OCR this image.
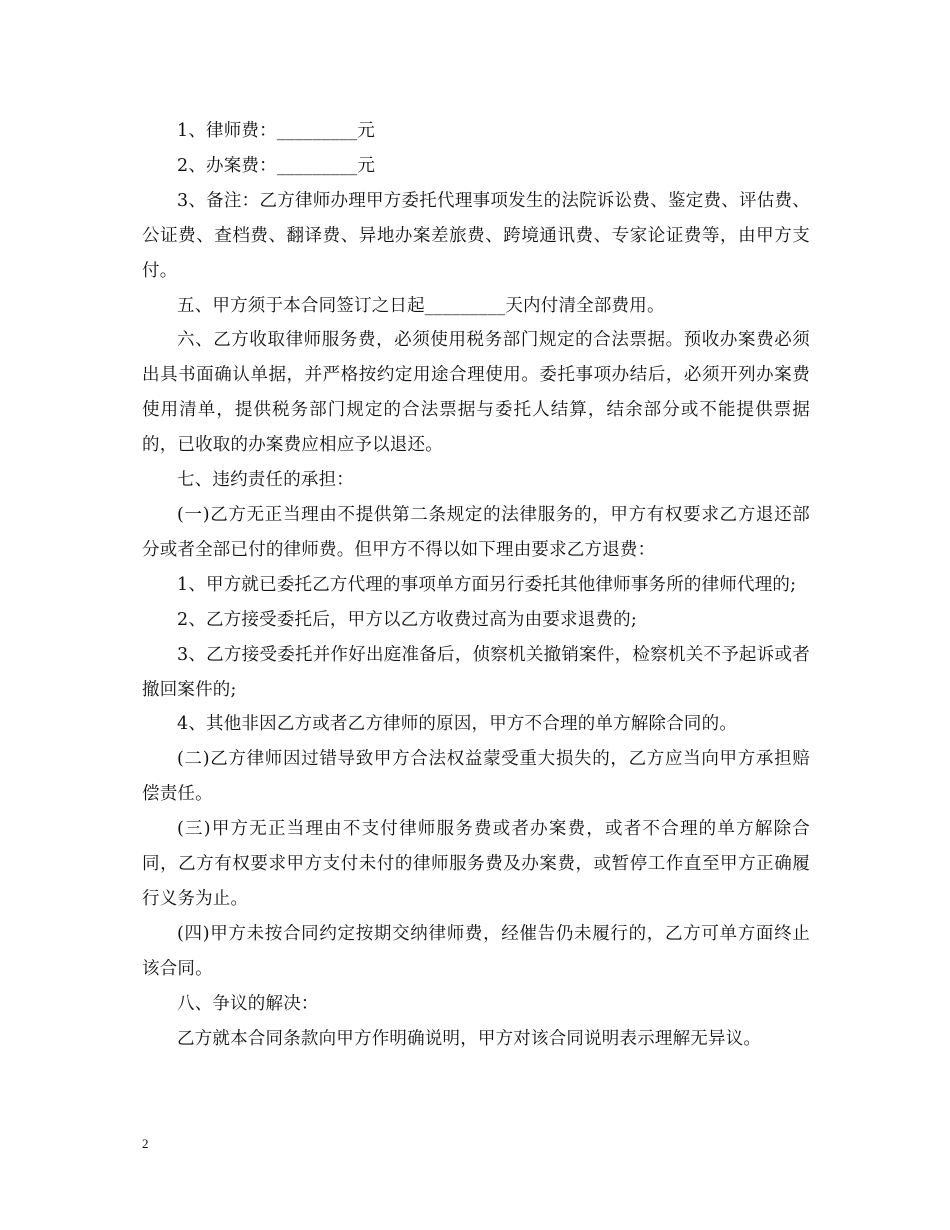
1、律师费：_________元

2、办案费：_________元

3、备注：乙方律师办理甲方委托代理事项发生的法院诉讼费、鉴定费、评估费、公证费、查档费、翻译费、异地办案差旅费、跨境通讯费、专家论证费等，由甲方支付。

五、甲方须于本合同签订之日起_________天内付清全部费用。

六、乙方收取律师服务费，必须使用税务部门规定的合法票据。预收办案费必须出具书面确认单据，并严格按约定用途合理使用。委托事项办结后，必须开列办案费使用清单，提供税务部门规定的合法票据与委托人结算，结余部分或不能提供票据的，已收取的办案费应相应予以退还。

七、违约责任的承担：

(一)乙方无正当理由不提供第二条规定的法律服务的，甲方有权要求乙方退还部分或者全部已付的律师费。但甲方不得以如下理由要求乙方退费：

1、甲方就已委托乙方代理的事项单方面另行委托其他律师事务所的律师代理的;

2、乙方接受委托后，甲方以乙方收费过高为由要求退费的;

3、乙方接受委托并作好出庭准备后，侦察机关撤销案件，检察机关不予起诉或者撤回案件的;

4、其他非因乙方或者乙方律师的原因，甲方不合理的单方解除合同的。

(二)乙方律师因过错导致甲方合法权益蒙受重大损失的，乙方应当向甲方承担赔偿责任。

(三)甲方无正当理由不支付律师服务费或者办案费，或者不合理的单方解除合同，乙方有权要求甲方支付未付的律师服务费及办案费，或暂停工作直至甲方正确履行义务为止。

(四)甲方未按合同约定按期交纳律师费，经催告仍未履行的，乙方可单方面终止该合同。

八、争议的解决：

乙方就本合同条款向甲方作明确说明，甲方对该合同说明表示理解无异议。

2
